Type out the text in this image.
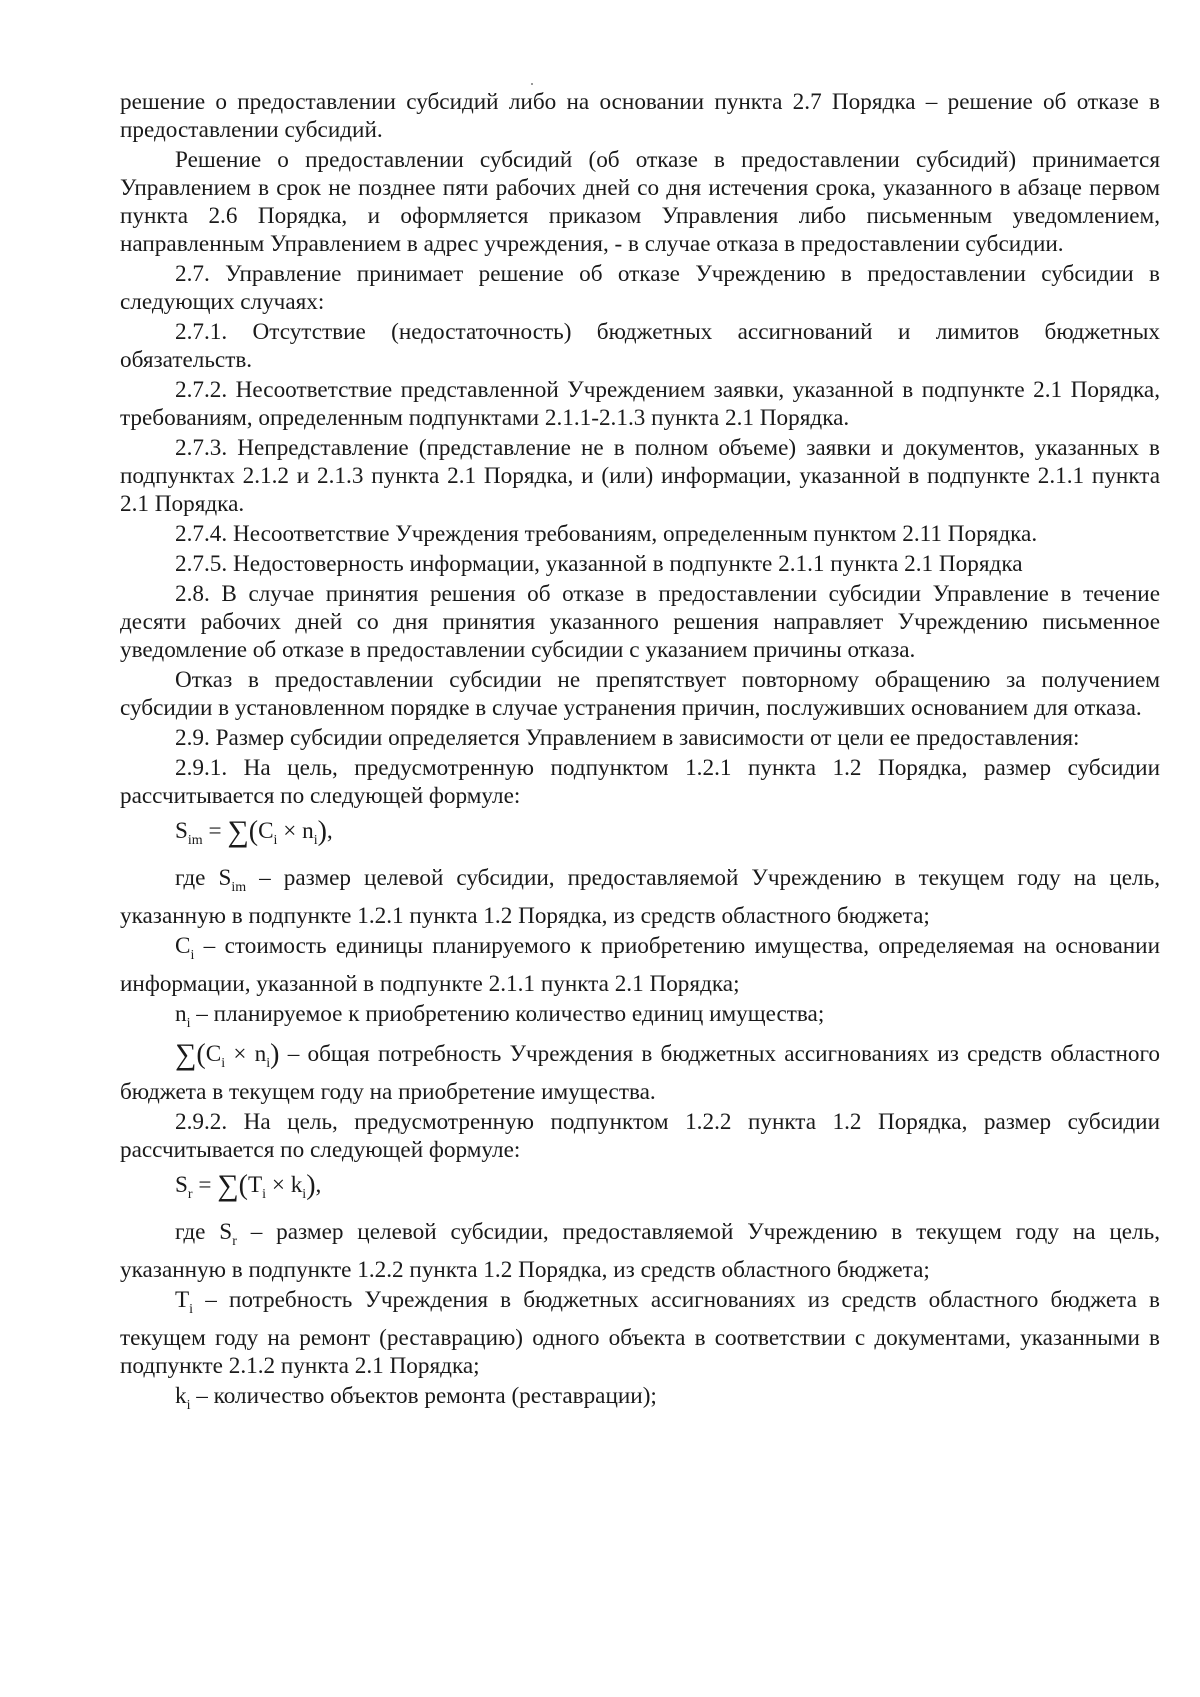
решение о предоставлении субсидий либо на основании пункта 2.7 Порядка – решение об отказе в предоставлении субсидий.

Решение о предоставлении субсидий (об отказе в предоставлении субсидий) принимается Управлением в срок не позднее пяти рабочих дней со дня истечения срока, указанного в абзаце первом пункта 2.6 Порядка, и оформляется приказом Управления либо письменным уведомлением, направленным Управлением в адрес учреждения, - в случае отказа в предоставлении субсидии.

2.7. Управление принимает решение об отказе Учреждению в предоставлении субсидии в следующих случаях:

2.7.1. Отсутствие (недостаточность) бюджетных ассигнований и лимитов бюджетных обязательств.

2.7.2. Несоответствие представленной Учреждением заявки, указанной в подпункте 2.1 Порядка, требованиям, определенным подпунктами 2.1.1-2.1.3 пункта 2.1 Порядка.

2.7.3. Непредставление (представление не в полном объеме) заявки и документов, указанных в подпунктах 2.1.2 и 2.1.3 пункта 2.1 Порядка, и (или) информации, указанной в подпункте 2.1.1 пункта 2.1 Порядка.

2.7.4. Несоответствие Учреждения требованиям, определенным пунктом 2.11 Порядка.

2.7.5. Недостоверность информации, указанной в подпункте 2.1.1 пункта 2.1 Порядка

2.8. В случае принятия решения об отказе в предоставлении субсидии Управление в течение десяти рабочих дней со дня принятия указанного решения направляет Учреждению письменное уведомление об отказе в предоставлении субсидии с указанием причины отказа.

Отказ в предоставлении субсидии не препятствует повторному обращению за получением субсидии в установленном порядке в случае устранения причин, послуживших основанием для отказа.

2.9. Размер субсидии определяется Управлением в зависимости от цели ее предоставления:

2.9.1. На цель, предусмотренную подпунктом 1.2.1 пункта 1.2 Порядка, размер субсидии рассчитывается по следующей формуле:

$S_{im} = \sum(C_i \times n_i)$,

где $S_{im}$ – размер целевой субсидии, предоставляемой Учреждению в текущем году на цель, указанную в подпункте 1.2.1 пункта 1.2 Порядка, из средств областного бюджета;

$C_i$ – стоимость единицы планируемого к приобретению имущества, определяемая на основании информации, указанной в подпункте 2.1.1 пункта 2.1 Порядка;

$n_i$ – планируемое к приобретению количество единиц имущества;

$\sum(C_i \times n_i)$ – общая потребность Учреждения в бюджетных ассигнованиях из средств областного бюджета в текущем году на приобретение имущества.

2.9.2. На цель, предусмотренную подпунктом 1.2.2 пункта 1.2 Порядка, размер субсидии рассчитывается по следующей формуле:

$S_r = \sum(T_i \times k_i)$,

где $S_r$ – размер целевой субсидии, предоставляемой Учреждению в текущем году на цель, указанную в подпункте 1.2.2 пункта 1.2 Порядка, из средств областного бюджета;

$T_i$ – потребность Учреждения в бюджетных ассигнованиях из средств областного бюджета в текущем году на ремонт (реставрацию) одного объекта в соответствии с документами, указанными в подпункте 2.1.2 пункта 2.1 Порядка;

$k_i$ – количество объектов ремонта (реставрации);
